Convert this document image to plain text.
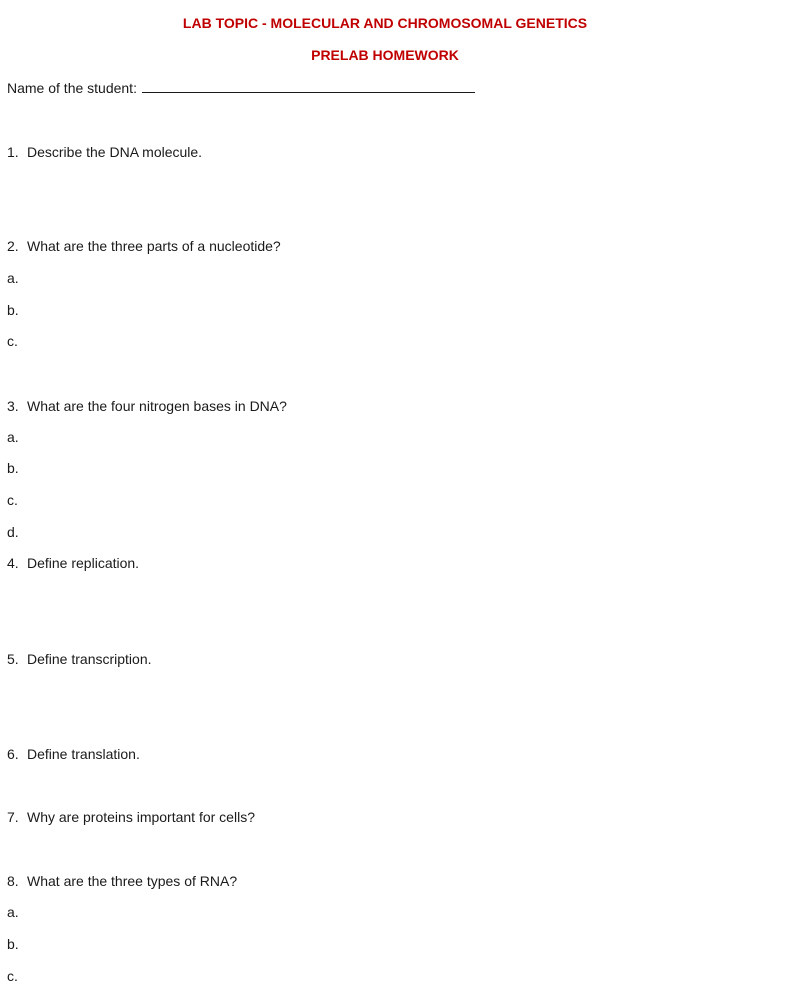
LAB TOPIC - MOLECULAR AND CHROMOSOMAL GENETICS

PRELAB HOMEWORK

Name of the student:

1. Describe the DNA molecule.

2. What are the three parts of a nucleotide?

a.

b.

c.

3. What are the four nitrogen bases in DNA?

a.

b.

c.

d.

4. Define replication.

5. Define transcription.

6. Define translation.

7. Why are proteins important for cells?

8. What are the three types of RNA?

a.

b.

c.
